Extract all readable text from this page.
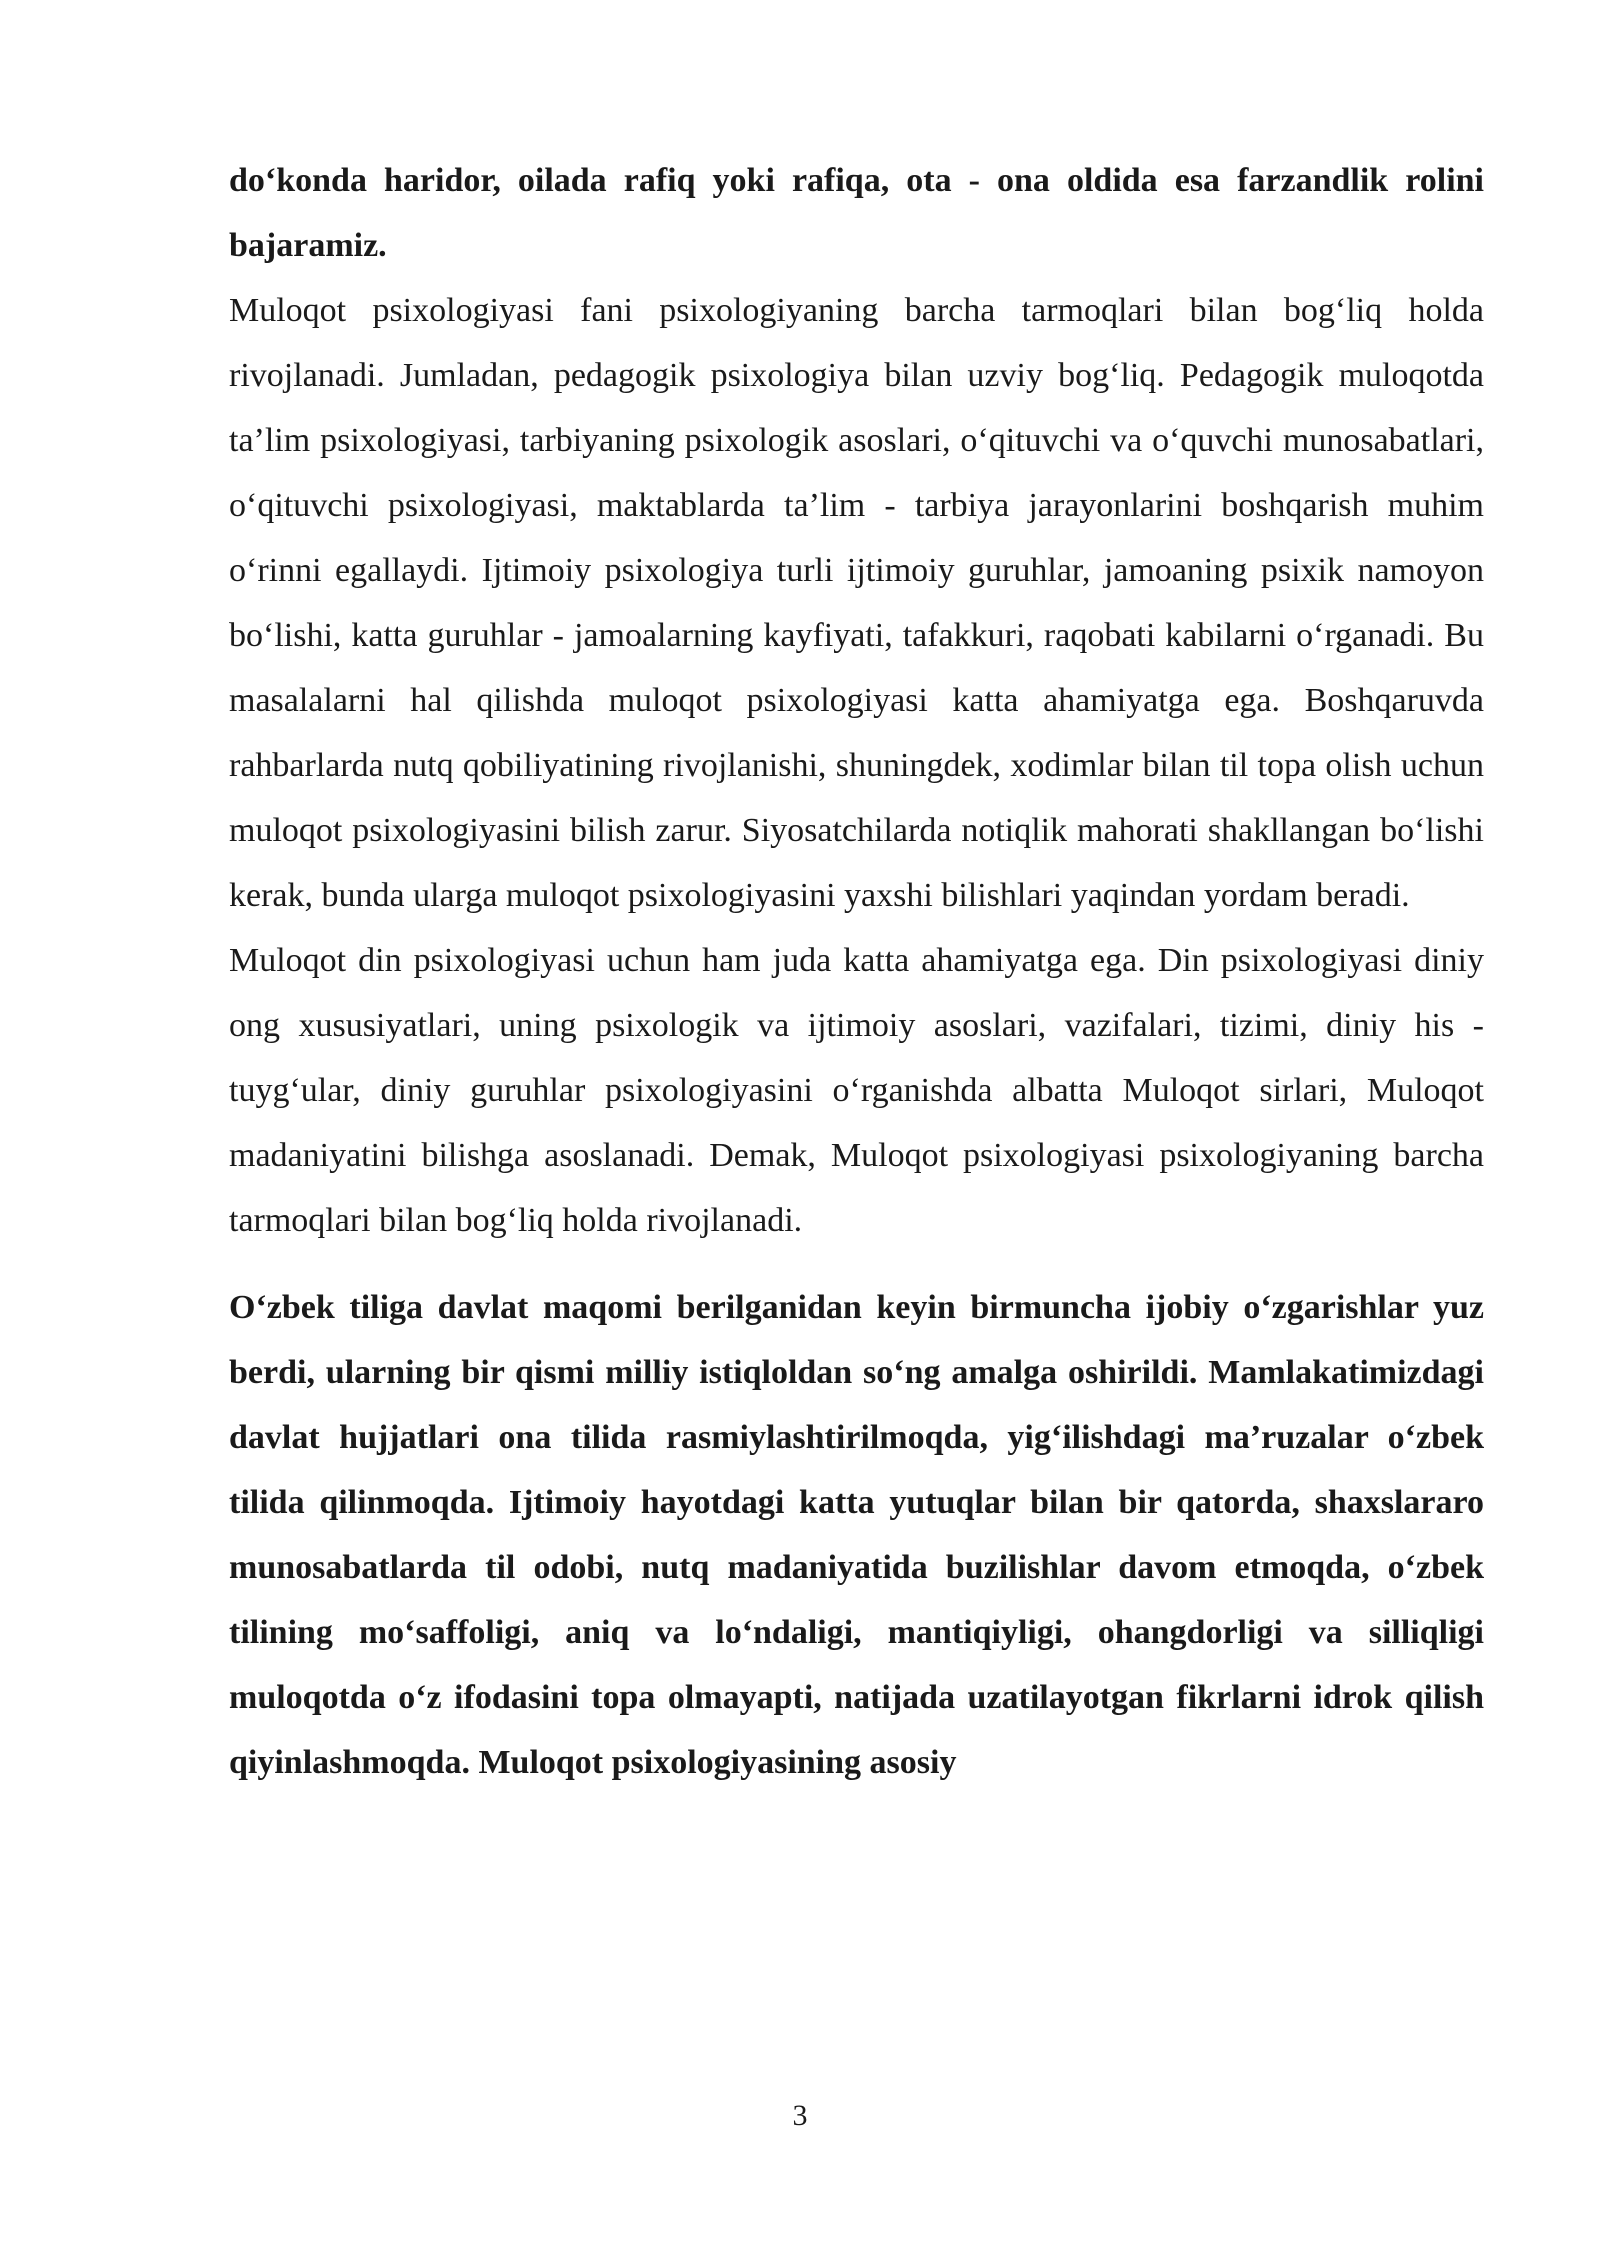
do‘konda haridor, oilada rafiq yoki rafiqa, ota - ona oldida esa farzandlik rolini bajaramiz.

Muloqot psixologiyasi fani psixologiyaning barcha tarmoqlari bilan bog‘liq holda rivojlanadi. Jumladan, pedagogik psixologiya bilan uzviy bog‘liq. Pedagogik muloqotda ta’lim psixologiyasi, tarbiyaning psixologik asoslari, o‘qituvchi va o‘quvchi munosabatlari, o‘qituvchi psixologiyasi, maktablarda ta’lim - tarbiya jarayonlarini boshqarish muhim o‘rinni egallaydi. Ijtimoiy psixologiya turli ijtimoiy guruhlar, jamoaning psixik namoyon bo‘lishi, katta guruhlar - jamoalarning kayfiyati, tafakkuri, raqobati kabilarni o‘rganadi. Bu masalalarni hal qilishda muloqot psixologiyasi katta ahamiyatga ega. Boshqaruvda rahbarlarda nutq qobiliyatining rivojlanishi, shuningdek, xodimlar bilan til topa olish uchun muloqot psixologiyasini bilish zarur. Siyosatchilarda notiqlik mahorati shakllangan bo‘lishi kerak, bunda ularga muloqot psixologiyasini yaxshi bilishlari yaqindan yordam beradi.

Muloqot din psixologiyasi uchun ham juda katta ahamiyatga ega. Din psixologiyasi diniy ong xususiyatlari, uning psixologik va ijtimoiy asoslari, vazifalari, tizimi, diniy his - tuyg‘ular, diniy guruhlar psixologiyasini o‘rganishda albatta Muloqot sirlari, Muloqot madaniyatini bilishga asoslanadi. Demak, Muloqot psixologiyasi psixologiyaning barcha tarmoqlari bilan bog‘liq holda rivojlanadi.

O‘zbek tiliga davlat maqomi berilganidan keyin birmuncha ijobiy o‘zgarishlar yuz berdi, ularning bir qismi milliy istiqloldan so‘ng amalga oshirildi. Mamlakatimizdagi davlat hujjatlari ona tilida rasmiylashtirilmoqda, yig‘ilishdagi ma’ruzalar o‘zbek tilida qilinmoqda. Ijtimoiy hayotdagi katta yutuqlar bilan bir qatorda, shaxslararo munosabatlarda til odobi, nutq madaniyatida buzilishlar davom etmoqda, o‘zbek tilining mo‘saffoligi, aniq va lo‘ndaligi, mantiqiyligi, ohangdorligi va silliqligi muloqotda o‘z ifodasini topa olmayapti, natijada uzatilayotgan fikrlarni idrok qilish qiyinlashmoqda. Muloqot psixologiyasining asosiy

3
